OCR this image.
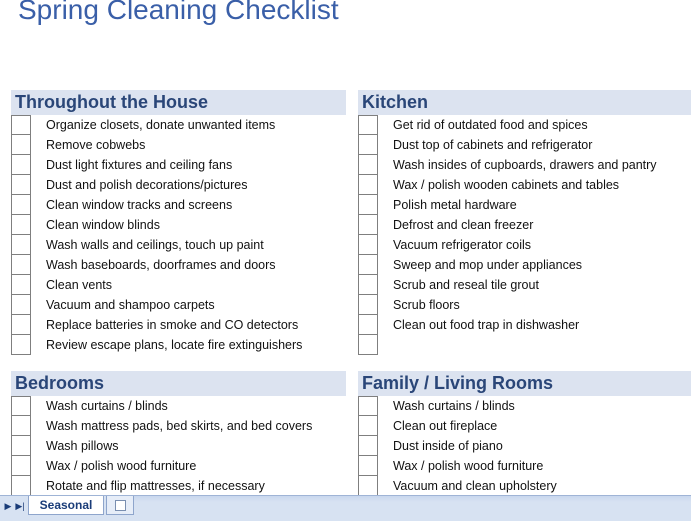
Spring Cleaning Checklist
Throughout the House
Organize closets, donate unwanted items
Remove cobwebs
Dust light fixtures and ceiling fans
Dust and polish decorations/pictures
Clean window tracks and screens
Clean window blinds
Wash walls and ceilings, touch up paint
Wash baseboards, doorframes and doors
Clean vents
Vacuum and shampoo carpets
Replace batteries in smoke and CO detectors
Review escape plans, locate fire extinguishers
Kitchen
Get rid of outdated food and spices
Dust top of cabinets and refrigerator
Wash insides of cupboards, drawers and pantry
Wax / polish wooden cabinets and tables
Polish metal hardware
Defrost and clean freezer
Vacuum refrigerator coils
Sweep and mop under appliances
Scrub and reseal tile grout
Scrub floors
Clean out food trap in dishwasher
Bedrooms
Wash curtains / blinds
Wash mattress pads, bed skirts, and bed covers
Wash pillows
Wax / polish wood furniture
Rotate and flip mattresses, if necessary
Family / Living Rooms
Wash curtains / blinds
Clean out fireplace
Dust inside of piano
Wax / polish wood furniture
Vacuum and clean upholstery
▶ ▶|	Seasonal
